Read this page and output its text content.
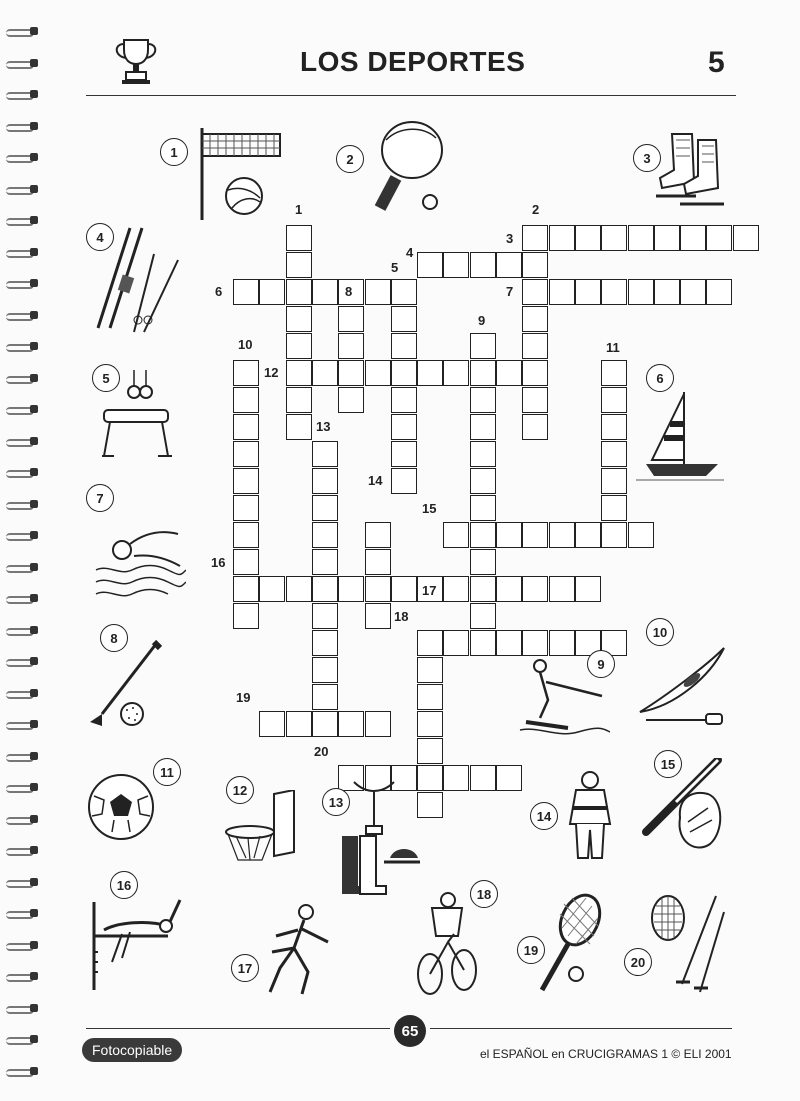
LOS DEPORTES	5
1	2
3
4
5
6	7
8
9
10	11
12
13
14
15
16
17
18
19
20
1	2	3
4
5	6
7
8
9
10
11
12
13
14
15
16
17
18
19
20
65
Fotocopiable	el ESPAÑOL en CRUCIGRAMAS 1 © ELI 2001
